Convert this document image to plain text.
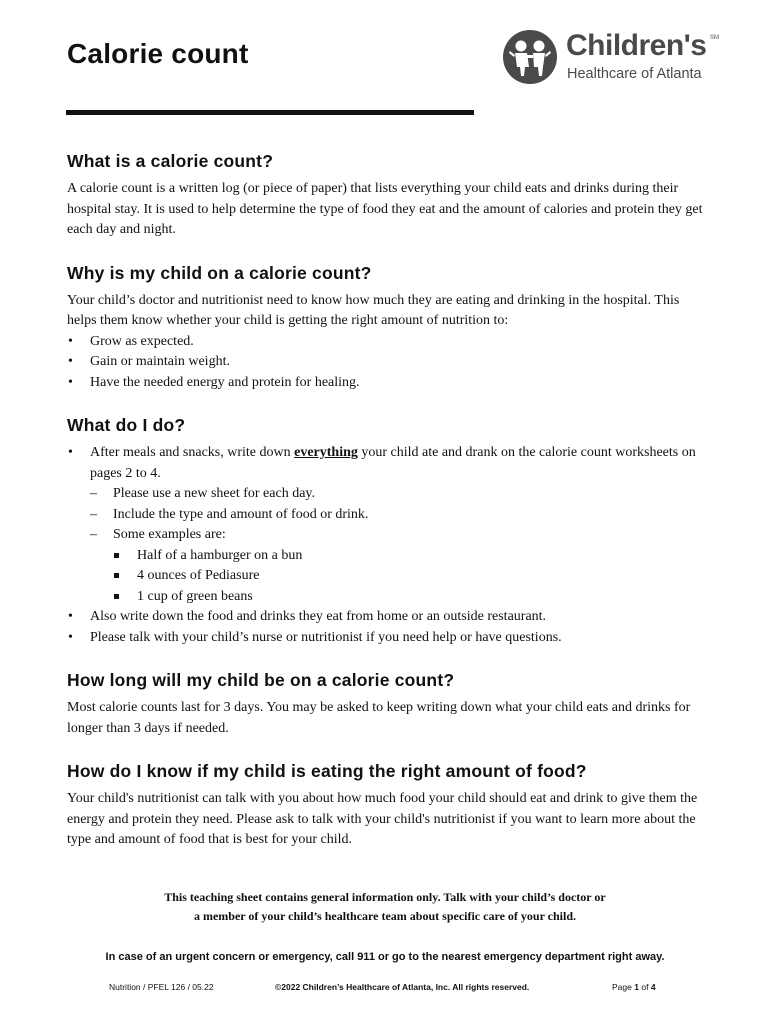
Calorie count	Children's SM
Healthcare of Atlanta
What is a calorie count?

A calorie count is a written log (or piece of paper) that lists everything your child eats and drinks during their hospital stay. It is used to help determine the type of food they eat and the amount of calories and protein they get each day and night.

Why is my child on a calorie count?

Your child’s doctor and nutritionist need to know how much they are eating and drinking in the hospital. This helps them know whether your child is getting the right amount of nutrition to:

• Grow as expected.
• Gain or maintain weight.
• Have the needed energy and protein for healing.
What do I do?
• After meals and snacks, write down everything your child ate and drank on the calorie count worksheets on pages 2 to 4.
– Please use a new sheet for each day.
– Include the type and amount of food or drink.
– Some examples are:
Half of a hamburger on a bun
4 ounces of Pediasure
1 cup of green beans
• Also write down the food and drinks they eat from home or an outside restaurant.
• Please talk with your child’s nurse or nutritionist if you need help or have questions.
How long will my child be on a calorie count?

Most calorie counts last for 3 days. You may be asked to keep writing down what your child eats and drinks for longer than 3 days if needed.

How do I know if my child is eating the right amount of food?

Your child's nutritionist can talk with you about how much food your child should eat and drink to give them the energy and protein they need. Please ask to talk with your child's nutritionist if you want to learn more about the type and amount of food that is best for your child.

This teaching sheet contains general information only. Talk with your child’s doctor or
a member of your child’s healthcare team about specific care of your child.
In case of an urgent concern or emergency, call 911 or go to the nearest emergency department right away.
Nutrition / PFEL 126 / 05.22	©2022 Children’s Healthcare of Atlanta, Inc. All rights reserved.	Page 1 of 4
